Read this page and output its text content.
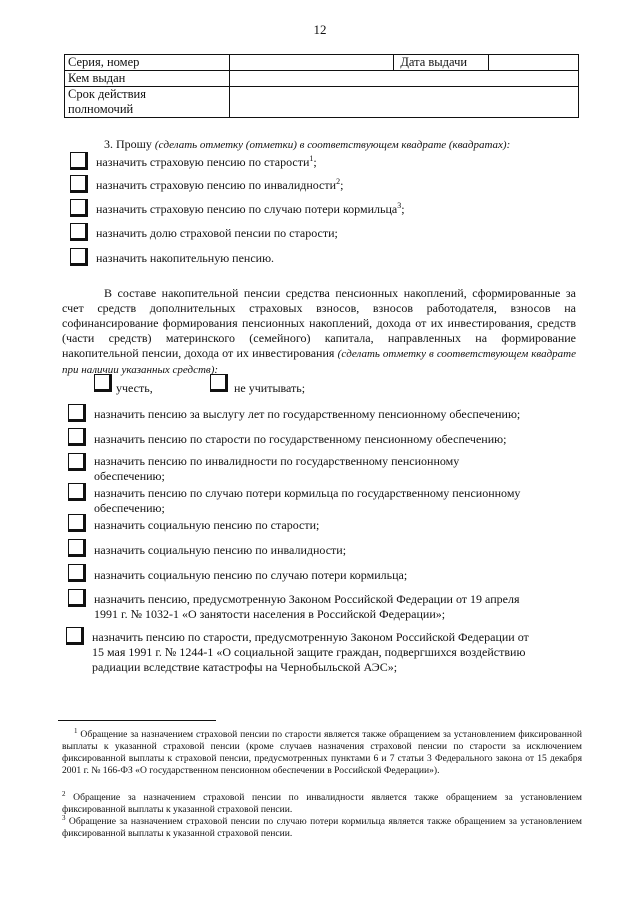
12
Серия, номер		Дата выдачи	
Кем выдан			

Срок действия
полномочий			

3. Прошу (сделать отметку (отметки) в соответствующем квадрате (квадратах):
назначить страховую пенсию по старости$^1$;
назначить страховую пенсию по инвалидности$^2$;
назначить страховую пенсию по случаю потери кормильца$^3$;
назначить долю страховой пенсии по старости;
назначить накопительную пенсию.
В составе накопительной пенсии средства пенсионных накоплений, сформированные за счет средств дополнительных страховых взносов, взносов работодателя, взносов на софинансирование формирования пенсионных накоплений, дохода от их инвестирования, средств (части средств) материнского (семейного) капитала, направленных на формирование накопительной пенсии, дохода от их инвестирования (сделать отметку в соответствующем квадрате при наличии указанных средств):
учесть,	не учитывать;
назначить пенсию за выслугу лет по государственному пенсионному обеспечению;
назначить пенсию по старости по государственному пенсионному обеспечению;
назначить пенсию по инвалидности по государственному пенсионному
обеспечению;
назначить пенсию по случаю потери кормильца по государственному пенсионному
обеспечению;
назначить социальную пенсию по старости;
назначить социальную пенсию по инвалидности;
назначить социальную пенсию по случаю потери кормильца;
назначить пенсию, предусмотренную Законом Российской Федерации от 19 апреля
1991 г. № 1032-1 «О занятости населения в Российской Федерации»;
назначить пенсию по старости, предусмотренную Законом Российской Федерации от
15 мая 1991 г. № 1244-1 «О социальной защите граждан, подвергшихся воздействию
радиации вследствие катастрофы на Чернобыльской АЭС»;
$^1$ Обращение за назначением страховой пенсии по старости является также обращением за установлением фиксированной выплаты к указанной страховой пенсии (кроме случаев назначения страховой пенсии по старости за исключением фиксированной выплаты к страховой пенсии, предусмотренных пунктами 6 и 7 статьи 3 Федерального закона от 15 декабря 2001 г. № 166-ФЗ «О государственном пенсионном обеспечении в Российской Федерации»).
$^2$ Обращение за назначением страховой пенсии по инвалидности является также обращением за установлением фиксированной выплаты к указанной страховой пенсии.
$^3$ Обращение за назначением страховой пенсии по случаю потери кормильца является также обращением за установлением фиксированной выплаты к указанной страховой пенсии.
